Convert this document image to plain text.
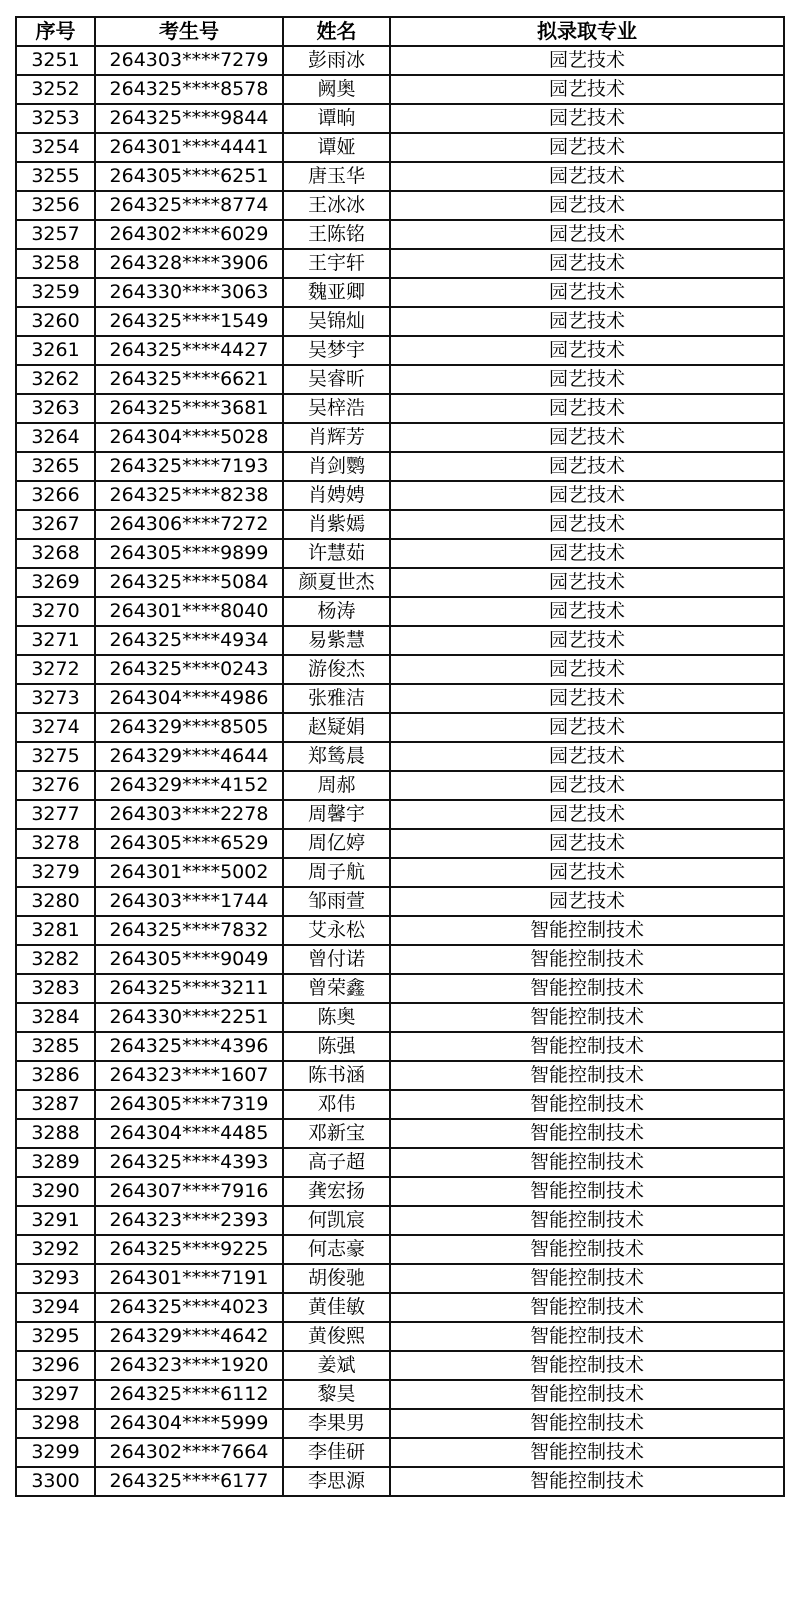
序号	考生号	姓名	拟录取专业
3251	264303****7279	彭雨冰	园艺技术
3252	264325****8578	阙奥	园艺技术
3253	264325****9844	谭晌	园艺技术
3254	264301****4441	谭娅	园艺技术
3255	264305****6251	唐玉华	园艺技术
3256	264325****8774	王冰冰	园艺技术
3257	264302****6029	王陈铭	园艺技术
3258	264328****3906	王宇轩	园艺技术
3259	264330****3063	魏亚卿	园艺技术
3260	264325****1549	吴锦灿	园艺技术
3261	264325****4427	吴梦宇	园艺技术
3262	264325****6621	吴睿昕	园艺技术
3263	264325****3681	吴梓浩	园艺技术
3264	264304****5028	肖辉芳	园艺技术
3265	264325****7193	肖剑鹦	园艺技术
3266	264325****8238	肖娉娉	园艺技术
3267	264306****7272	肖紫嫣	园艺技术
3268	264305****9899	许慧茹	园艺技术
3269	264325****5084	颜夏世杰	园艺技术
3270	264301****8040	杨涛	园艺技术
3271	264325****4934	易紫慧	园艺技术
3272	264325****0243	游俊杰	园艺技术
3273	264304****4986	张雅洁	园艺技术
3274	264329****8505	赵疑娟	园艺技术
3275	264329****4644	郑鸶晨	园艺技术
3276	264329****4152	周郝	园艺技术
3277	264303****2278	周馨宇	园艺技术
3278	264305****6529	周亿婷	园艺技术
3279	264301****5002	周子航	园艺技术
3280	264303****1744	邹雨萱	园艺技术
3281	264325****7832	艾永松	智能控制技术
3282	264305****9049	曾付诺	智能控制技术
3283	264325****3211	曾荣鑫	智能控制技术
3284	264330****2251	陈奥	智能控制技术
3285	264325****4396	陈强	智能控制技术
3286	264323****1607	陈书涵	智能控制技术
3287	264305****7319	邓伟	智能控制技术
3288	264304****4485	邓新宝	智能控制技术
3289	264325****4393	高子超	智能控制技术
3290	264307****7916	龚宏扬	智能控制技术
3291	264323****2393	何凯宸	智能控制技术
3292	264325****9225	何志豪	智能控制技术
3293	264301****7191	胡俊驰	智能控制技术
3294	264325****4023	黄佳敏	智能控制技术
3295	264329****4642	黄俊熙	智能控制技术
3296	264323****1920	姜斌	智能控制技术
3297	264325****6112	黎昊	智能控制技术
3298	264304****5999	李果男	智能控制技术
3299	264302****7664	李佳研	智能控制技术
3300	264325****6177	李思源	智能控制技术
